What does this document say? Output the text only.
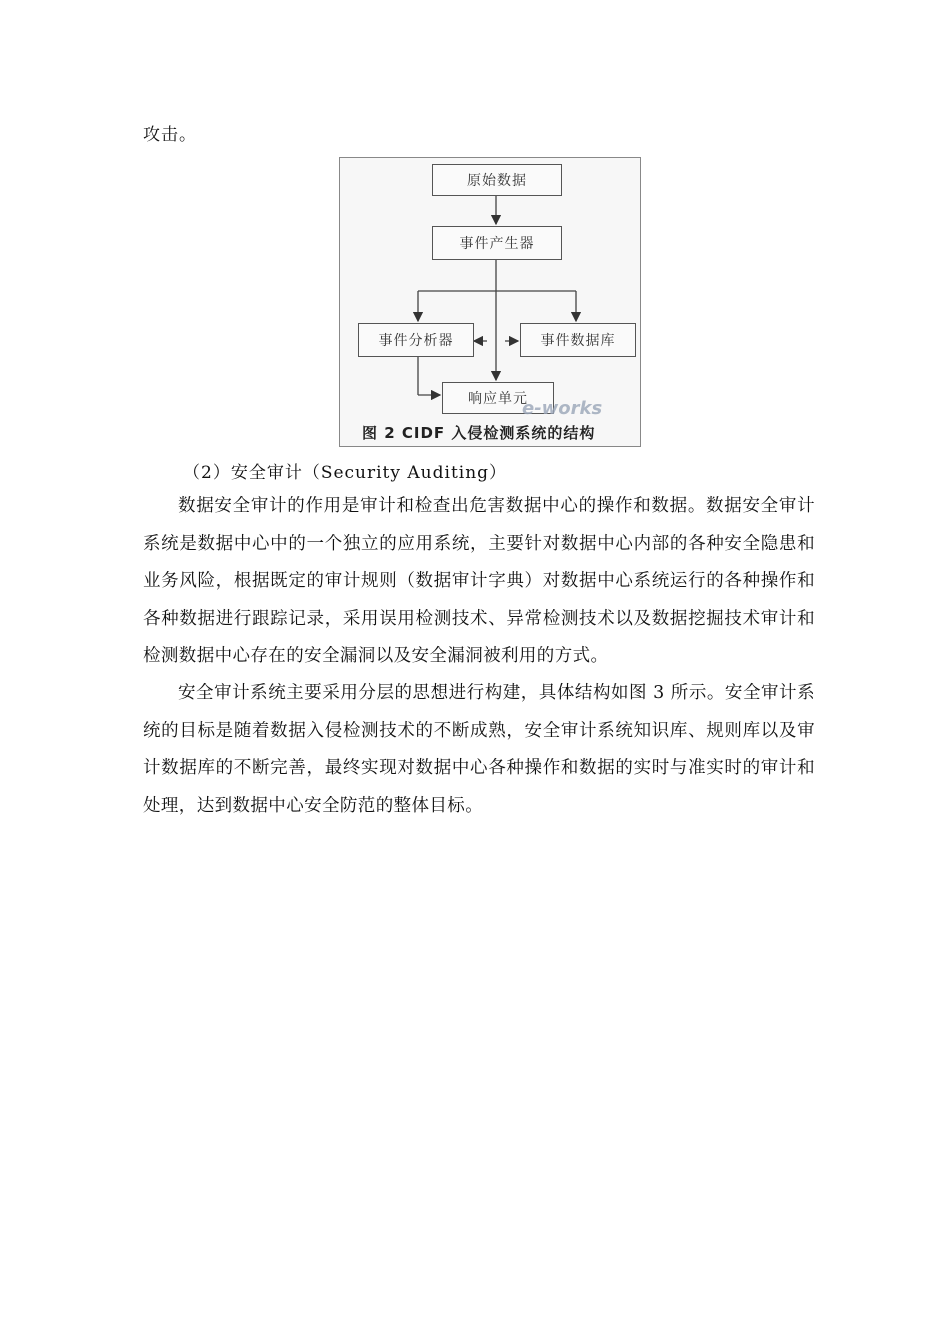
攻击。
原始数据
事件产生器
事件分析器	事件数据库
响应单元
e-works
图 2 CIDF 入侵检测系统的结构
（2）安全审计（Security Auditing）
数据安全审计的作用是审计和检查出危害数据中心的操作和数据。数据安全审计系统是数据中心中的一个独立的应用系统，主要针对数据中心内部的各种安全隐患和业务风险，根据既定的审计规则（数据审计字典）对数据中心系统运行的各种操作和各种数据进行跟踪记录，采用误用检测技术、异常检测技术以及数据挖掘技术审计和检测数据中心存在的安全漏洞以及安全漏洞被利用的方式。
安全审计系统主要采用分层的思想进行构建，具体结构如图 3 所示。安全审计系统的目标是随着数据入侵检测技术的不断成熟，安全审计系统知识库、规则库以及审计数据库的不断完善，最终实现对数据中心各种操作和数据的实时与准实时的审计和处理，达到数据中心安全防范的整体目标。
